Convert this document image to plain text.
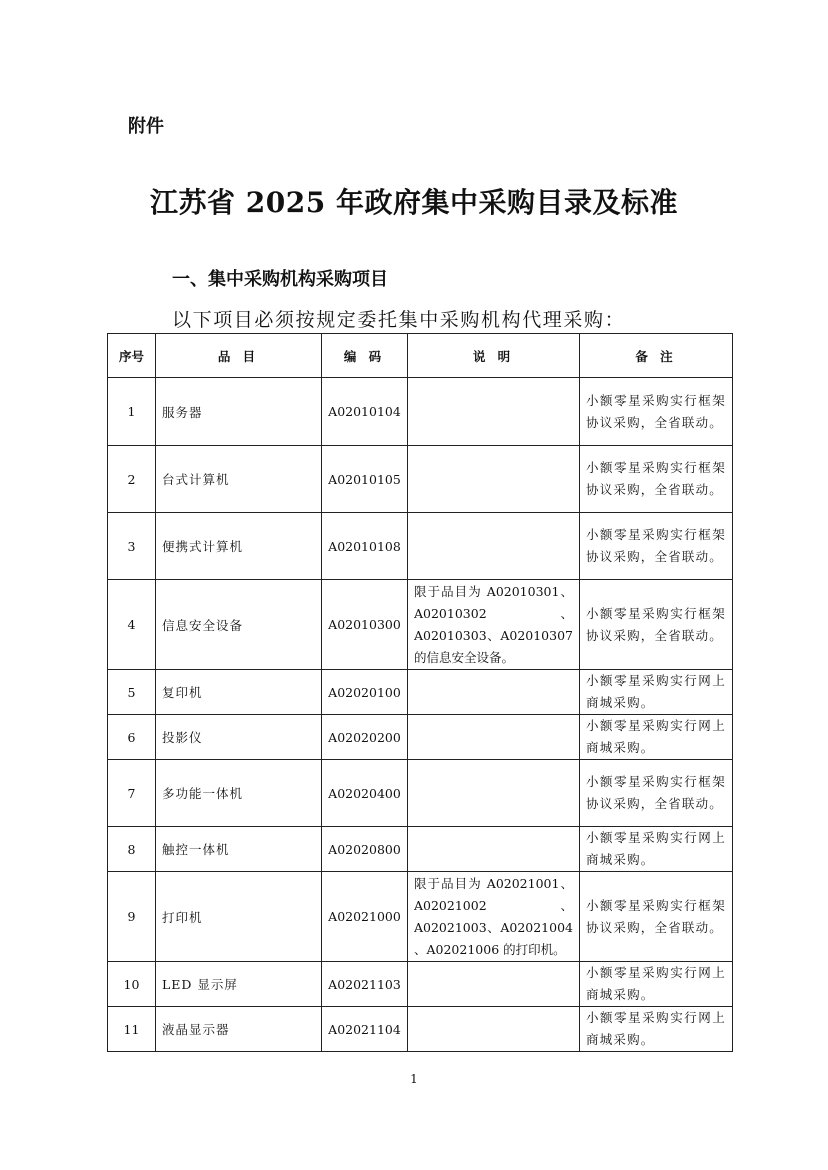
附件
江苏省 2025 年政府集中采购目录及标准
一、集中采购机构采购项目
以下项目必须按规定委托集中采购机构代理采购：
序号	品 目	编 码	说 明	备 注
1	服务器	A02010104		小额零星采购实行框架协议采购，全省联动。
2	台式计算机	A02010105		小额零星采购实行框架协议采购，全省联动。
3	便携式计算机	A02010108		小额零星采购实行框架协议采购，全省联动。
4	信息安全设备	A02010300	限于品目为 A02010301、A02010302、A02010303、A02010307 的信息安全设备。	小额零星采购实行框架协议采购，全省联动。
5	复印机	A02020100		小额零星采购实行网上商城采购。
6	投影仪	A02020200		小额零星采购实行网上商城采购。
7	多功能一体机	A02020400		小额零星采购实行框架协议采购，全省联动。
8	触控一体机	A02020800		小额零星采购实行网上商城采购。
9	打印机	A02021000	限于品目为 A02021001、A02021002、A02021003、A02021004 、A02021006 的打印机。	小额零星采购实行框架协议采购，全省联动。
10	LED 显示屏	A02021103		小额零星采购实行网上商城采购。
11	液晶显示器	A02021104		小额零星采购实行网上商城采购。
1
